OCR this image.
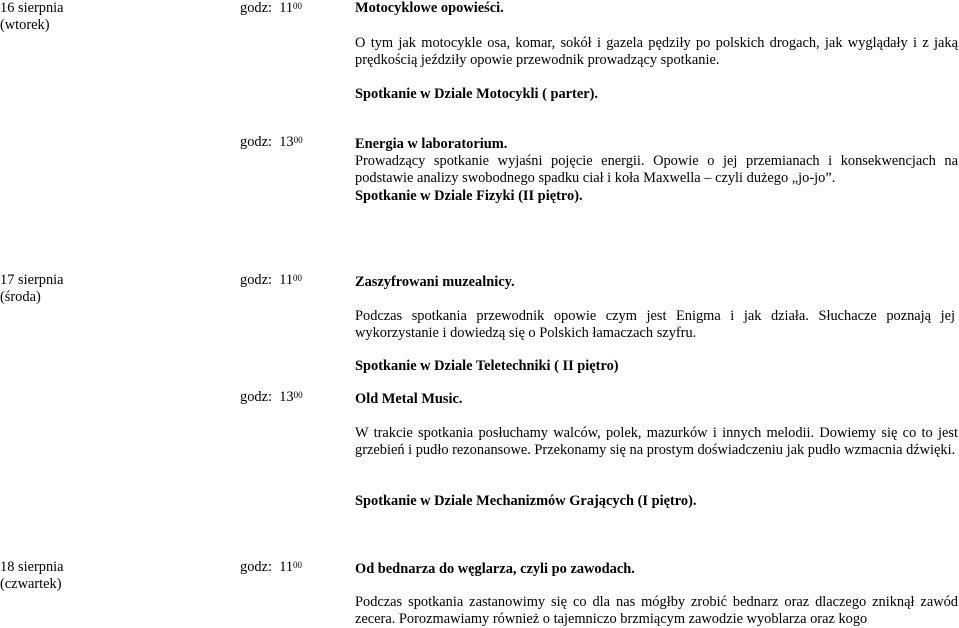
16 sierpnia
(wtorek)
godz: $11^{00}$	Motocyklowe opowieści.
O tym jak motocykle osa, komar, sokół i gazela pędziły po polskich drogach, jak wyglądały i z jaką prędkością jeździły opowie przewodnik prowadzący spotkanie.
Spotkanie w Dziale Motocykli ( parter).
godz: $13^{00}$	Energia w laboratorium.
Prowadzący spotkanie wyjaśni pojęcie energii. Opowie o jej przemianach i konsekwencjach na podstawie analizy swobodnego spadku ciał i koła Maxwella – czyli dużego „jo-jo”.
Spotkanie w Dziale Fizyki (II piętro).
17 sierpnia
(środa)
godz: $11^{00}$	Zaszyfrowani muzealnicy.
Podczas spotkania przewodnik opowie czym jest Enigma i jak działa. Słuchacze poznają jej wykorzystanie i dowiedzą się o Polskich łamaczach szyfru.
Spotkanie w Dziale Teletechniki ( II piętro)
godz: $13^{00}$	Old Metal Music.
W trakcie spotkania posłuchamy walców, polek, mazurków i innych melodii. Dowiemy się co to jest grzebień i pudło rezonansowe. Przekonamy się na prostym doświadczeniu jak pudło wzmacnia dźwięki.
Spotkanie w Dziale Mechanizmów Grających (I piętro).
18 sierpnia
(czwartek)
godz: $11^{00}$	Od bednarza do węglarza, czyli po zawodach.
Podczas spotkania zastanowimy się co dla nas mógłby zrobić bednarz oraz dlaczego zniknął zawód zecera. Porozmawiamy również o tajemniczo brzmiącym zawodzie wyoblarza oraz kogo
